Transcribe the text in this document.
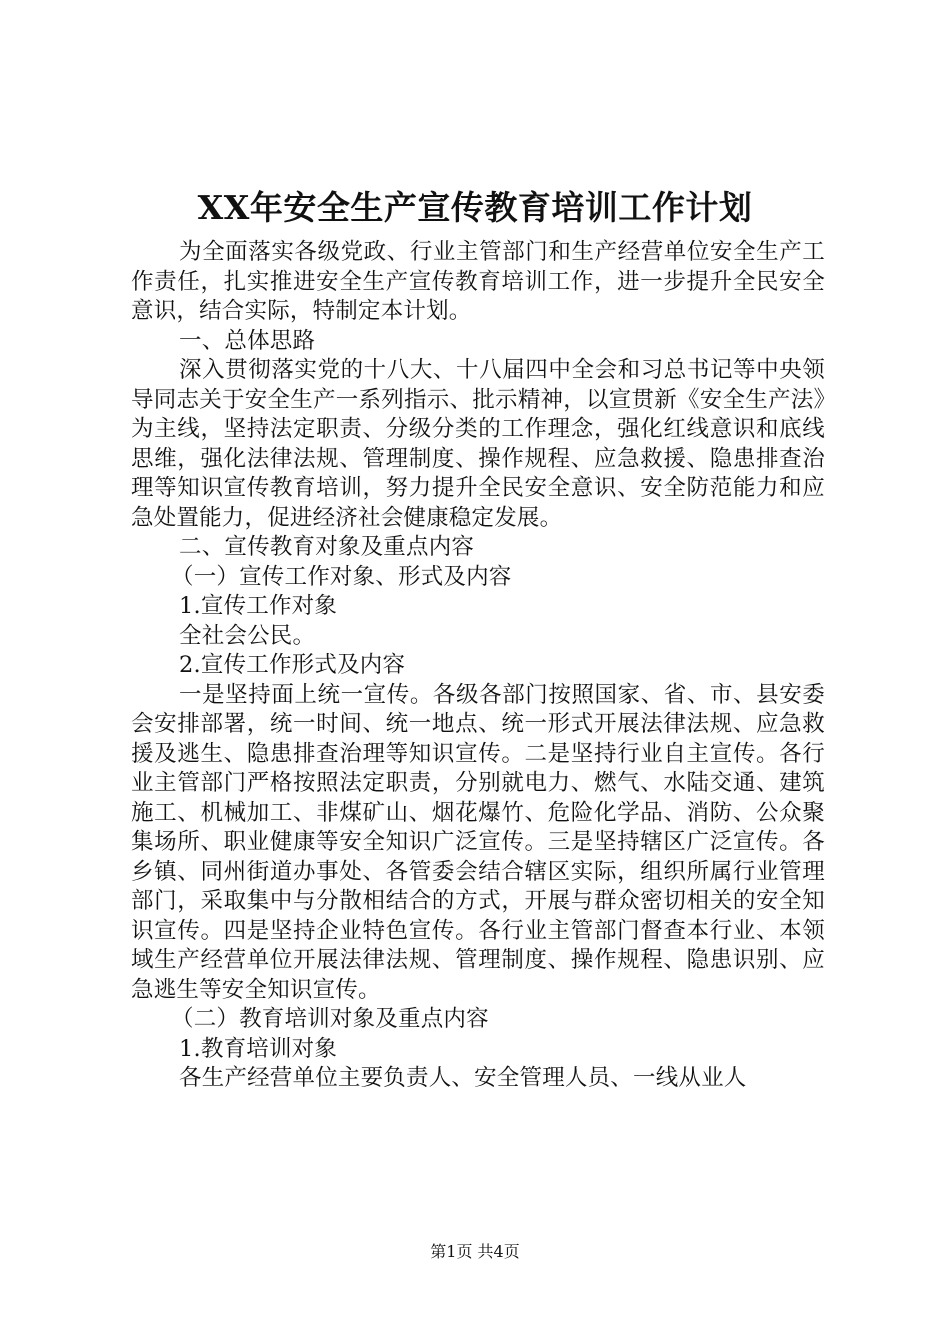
XX年安全生产宣传教育培训工作计划

为全面落实各级党政、行业主管部门和生产经营单位安全生产工作责任，扎实推进安全生产宣传教育培训工作，进一步提升全民安全意识，结合实际，特制定本计划。

一、总体思路

深入贯彻落实党的十八大、十八届四中全会和习总书记等中央领导同志关于安全生产一系列指示、批示精神，以宣贯新《安全生产法》为主线，坚持法定职责、分级分类的工作理念，强化红线意识和底线思维，强化法律法规、管理制度、操作规程、应急救援、隐患排查治理等知识宣传教育培训，努力提升全民安全意识、安全防范能力和应急处置能力，促进经济社会健康稳定发展。

二、宣传教育对象及重点内容

（一）宣传工作对象、形式及内容

1.宣传工作对象

全社会公民。

2.宣传工作形式及内容

一是坚持面上统一宣传。各级各部门按照国家、省、市、县安委会安排部署，统一时间、统一地点、统一形式开展法律法规、应急救援及逃生、隐患排查治理等知识宣传。二是坚持行业自主宣传。各行业主管部门严格按照法定职责，分别就电力、燃气、水陆交通、建筑施工、机械加工、非煤矿山、烟花爆竹、危险化学品、消防、公众聚集场所、职业健康等安全知识广泛宣传。三是坚持辖区广泛宣传。各乡镇、同州街道办事处、各管委会结合辖区实际，组织所属行业管理部门，采取集中与分散相结合的方式，开展与群众密切相关的安全知识宣传。四是坚持企业特色宣传。各行业主管部门督查本行业、本领域生产经营单位开展法律法规、管理制度、操作规程、隐患识别、应急逃生等安全知识宣传。

（二）教育培训对象及重点内容

1.教育培训对象

各生产经营单位主要负责人、安全管理人员、一线从业人

第1页 共4页
